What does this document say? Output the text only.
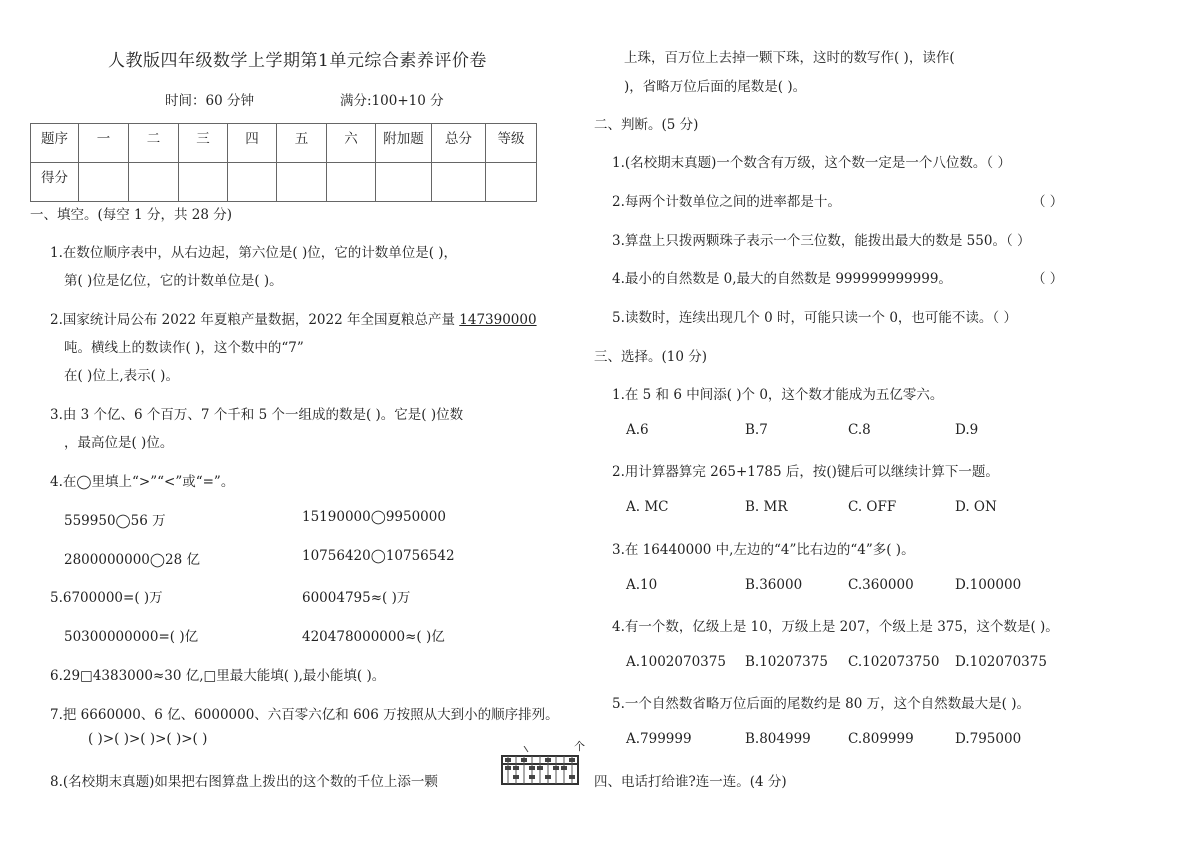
人教版四年级数学上学期第1单元综合素养评价卷
时间：60 分钟	满分:100+10 分
题序	一	二	三	四	五	六	附加题	总分	等级
得分									
一、填空。(每空 1 分，共 28 分)
1.在数位顺序表中，从右边起，第六位是( )位，它的计数单位是( )，
第( )位是亿位，它的计数单位是( )。
2.国家统计局公布 2022 年夏粮产量数据，2022 年全国夏粮总产量 147390000
吨。横线上的数读作( )，这个数中的“7”
在( )位上,表示( )。
3.由 3 个亿、6 个百万、7 个千和 5 个一组成的数是( )。它是( )位数
，最高位是( )位。
4.在◯里填上“>”“<”或“=”。
559950◯56 万	15190000◯9950000
2800000000◯28 亿	10756420◯10756542
5.6700000=( )万	60004795≈( )万
50300000000=( )亿	420478000000≈( )亿
6.29□4383000≈30 亿,□里最大能填( ),最小能填( )。
7.把 6660000、6 亿、6000000、六百零六亿和 606 万按照从大到小的顺序排列。
( )>( )>( )>( )>( )
8.(名校期末真题)如果把右图算盘上拨出的这个数的千位上添一颗
个
上珠，百万位上去掉一颗下珠，这时的数写作( )，读作(
)，省略万位后面的尾数是( )。
二、判断。(5 分)
1.(名校期末真题)一个数含有万级，这个数一定是一个八位数。（ ）
2.每两个计数单位之间的进率都是十。	（ ）
3.算盘上只拨两颗珠子表示一个三位数，能拨出最大的数是 550。（ ）
4.最小的自然数是 0,最大的自然数是 999999999999。	（ ）
5.读数时，连续出现几个 0 时，可能只读一个 0，也可能不读。（ ）
三、选择。(10 分)
1.在 5 和 6 中间添( )个 0，这个数才能成为五亿零六。
A.6	B.7	C.8	D.9
2.用计算器算完 265+1785 后，按()键后可以继续计算下一题。
A. MC	B. MR	C. OFF	D. ON
3.在 16440000 中,左边的“4”比右边的“4”多( )。
A.10	B.36000	C.360000	D.100000
4.有一个数，亿级上是 10，万级上是 207，个级上是 375，这个数是( )。
A.1002070375 B.10207375 C.102073750 D.102070375
5.一个自然数省略万位后面的尾数约是 80 万，这个自然数最大是( )。
A.799999	B.804999	C.809999	D.795000
四、电话打给谁?连一连。(4 分)
